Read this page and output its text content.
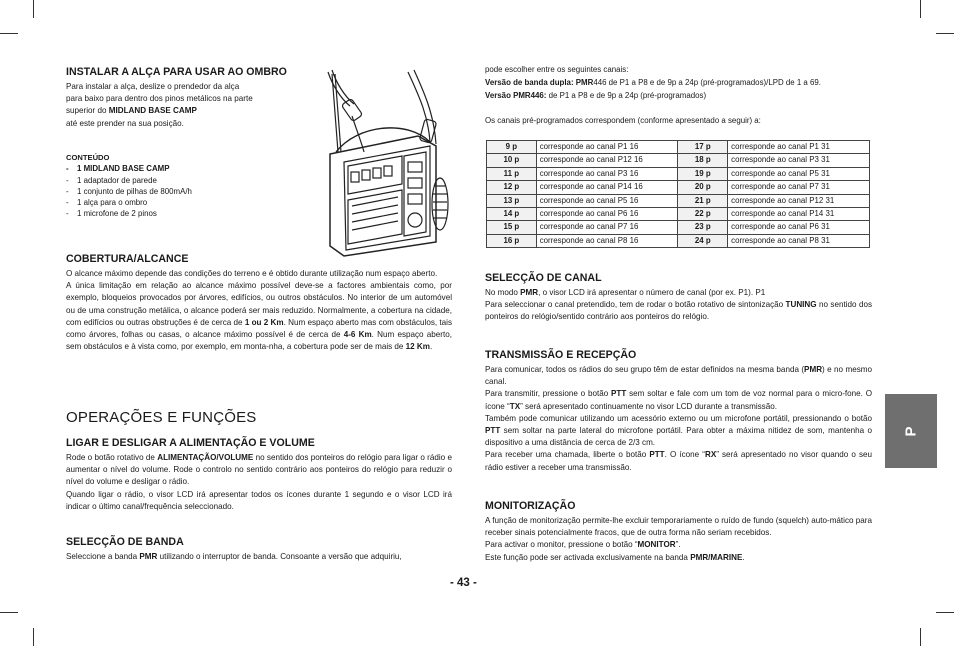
INSTALAR A ALÇA PARA USAR AO OMBRO

Para instalar a alça, deslize o prendedor da alça

para baixo para dentro dos pinos metálicos na parte

superior do MIDLAND BASE CAMP

até este prender na sua posição.

CONTEÚDO

- 1 MIDLAND BASE CAMP
- 1 adaptador de parede
- 1 conjunto de pilhas de 800mA/h
- 1 alça para o ombro
- 1 microfone de 2 pinos
COBERTURA/ALCANCE

O alcance máximo depende das condições do terreno e é obtido durante utilização num espaço aberto.

A única limitação em relação ao alcance máximo possível deve-se a factores ambientais como, por exemplo, bloqueios provocados por árvores, edifícios, ou outros obstáculos. No interior de um automóvel ou de uma construção metálica, o alcance poderá ser mais reduzido. Normalmente, a cobertura na cidade, com edifícios ou outras obstruções é de cerca de 1 ou 2 Km. Num espaço aberto mas com obstáculos, tais como árvores, folhas ou casas, o alcance máximo possível é de cerca de 4-6 Km. Num espaço aberto, sem obstáculos e à vista como, por exemplo, em monta-nha, a cobertura pode ser de mais de 12 Km.

OPERAÇÕES E FUNÇÕES
LIGAR E DESLIGAR A ALIMENTAÇÃO E VOLUME

Rode o botão rotativo de ALIMENTAÇÃO/VOLUME no sentido dos ponteiros do relógio para ligar o rádio e aumentar o nível do volume. Rode o controlo no sentido contrário aos ponteiros do relógio para reduzir o nível do volume e desligar o rádio.

Quando ligar o rádio, o visor LCD irá apresentar todos os ícones durante 1 segundo e o visor LCD irá indicar o último canal/frequência seleccionado.

SELECÇÃO DE BANDA

Seleccione a banda PMR utilizando o interruptor de banda. Consoante a versão que adquiriu,

pode escolher entre os seguintes canais:

Versão de banda dupla: PMR446 de P1 a P8 e de 9p a 24p (pré-programados)/LPD de 1 a 69.

Versão PMR446: de P1 a P8 e de 9p a 24p (pré-programados)

Os canais pré-programados correspondem (conforme apresentado a seguir) a:

9 p	corresponde ao canal P1 16	17 p	corresponde ao canal P1 31
10 p	corresponde ao canal P12 16	18 p	corresponde ao canal P3 31
11 p	corresponde ao canal P3 16	19 p	corresponde ao canal P5 31
12 p	corresponde ao canal P14 16	20 p	corresponde ao canal P7 31
13 p	corresponde ao canal P5 16	21 p	corresponde ao canal P12 31
14 p	corresponde ao canal P6 16	22 p	corresponde ao canal P14 31
15 p	corresponde ao canal P7 16	23 p	corresponde ao canal P6 31
16 p	corresponde ao canal P8 16	24 p	corresponde ao canal P8 31
SELECÇÃO DE CANAL

No modo PMR, o visor LCD irá apresentar o número de canal (por ex. P1). P1

Para seleccionar o canal pretendido, tem de rodar o botão rotativo de sintonização TUNING no sentido dos ponteiros do relógio/sentido contrário aos ponteiros do relógio.

TRANSMISSÃO E RECEPÇÃO

Para comunicar, todos os rádios do seu grupo têm de estar definidos na mesma banda (PMR) e no mesmo canal.

Para transmitir, pressione o botão PTT sem soltar e fale com um tom de voz normal para o micro-fone. O ícone “TX” será apresentado continuamente no visor LCD durante a transmissão.

Também pode comunicar utilizando um acessório externo ou um microfone portátil, pressionando o botão PTT sem soltar na parte lateral do microfone portátil. Para obter a máxima nitidez de som, mantenha o dispositivo a uma distância de cerca de 2/3 cm.

Para receber uma chamada, liberte o botão PTT. O ícone “RX” será apresentado no visor quando o seu rádio estiver a receber uma transmissão.

MONITORIZAÇÃO

A função de monitorização permite-lhe excluir temporariamente o ruído de fundo (squelch) auto-mático para receber sinais potencialmente fracos, que de outra forma não seriam recebidos.

Para activar o monitor, pressione o botão “MONITOR”.

Este função pode ser activada exclusivamente na banda PMR/MARINE.

- 43 -
P
